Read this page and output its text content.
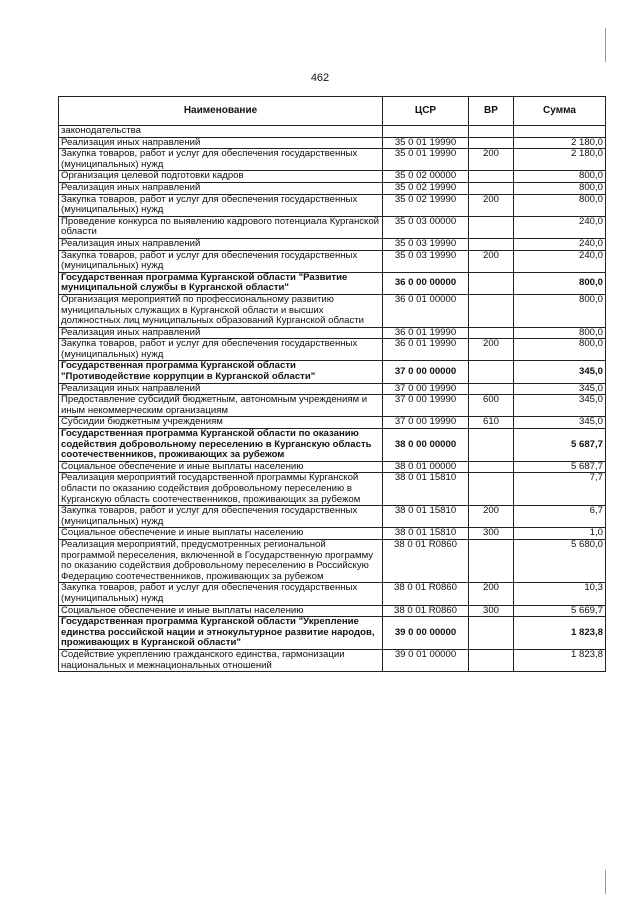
462
Наименование	ЦСР	ВР	Сумма
законодательства			
Реализация иных направлений	35 0 01 19990		2 180,0
Закупка товаров, работ и услуг для обеспечения государственных (муниципальных) нужд	35 0 01 19990	200	2 180,0
Организация целевой подготовки кадров	35 0 02 00000		800,0
Реализация иных направлений	35 0 02 19990		800,0
Закупка товаров, работ и услуг для обеспечения государственных (муниципальных) нужд	35 0 02 19990	200	800,0
Проведение конкурса по выявлению кадрового потенциала Курганской области	35 0 03 00000		240,0
Реализация иных направлений	35 0 03 19990		240,0
Закупка товаров, работ и услуг для обеспечения государственных (муниципальных) нужд	35 0 03 19990	200	240,0
Государственная программа Курганской области "Развитие муниципальной службы в Курганской области"	36 0 00 00000		800,0
Организация мероприятий по профессиональному развитию муниципальных служащих в Курганской области и высших должностных лиц муниципальных образований Курганской области	36 0 01 00000		800,0
Реализация иных направлений	36 0 01 19990		800,0
Закупка товаров, работ и услуг для обеспечения государственных (муниципальных) нужд	36 0 01 19990	200	800,0
Государственная программа Курганской области "Противодействие коррупции в Курганской области"	37 0 00 00000		345,0
Реализация иных направлений	37 0 00 19990		345,0
Предоставление субсидий бюджетным, автономным учреждениям и иным некоммерческим организациям	37 0 00 19990	600	345,0
Субсидии бюджетным учреждениям	37 0 00 19990	610	345,0
Государственная программа Курганской области по оказанию содействия добровольному переселению в Курганскую область соотечественников, проживающих за рубежом	38 0 00 00000		5 687,7
Социальное обеспечение и иные выплаты населению	38 0 01 00000		5 687,7
Реализация мероприятий государственной программы Курганской области по оказанию содействия добровольному переселению в Курганскую область соотечественников, проживающих за рубежом	38 0 01 15810		7,7
Закупка товаров, работ и услуг для обеспечения государственных (муниципальных) нужд	38 0 01 15810	200	6,7
Социальное обеспечение и иные выплаты населению	38 0 01 15810	300	1,0
Реализация мероприятий, предусмотренных региональной программой переселения, включенной в Государственную программу по оказанию содействия добровольному переселению в Российскую Федерацию соотечественников, проживающих за рубежом	38 0 01 R0860		5 680,0
Закупка товаров, работ и услуг для обеспечения государственных (муниципальных) нужд	38 0 01 R0860	200	10,3
Социальное обеспечение и иные выплаты населению	38 0 01 R0860	300	5 669,7
Государственная программа Курганской области "Укрепление единства российской нации и этнокультурное развитие народов, проживающих в Курганской области"	39 0 00 00000		1 823,8
Содействие укреплению гражданского единства, гармонизации национальных и межнациональных отношений	39 0 01 00000		1 823,8
